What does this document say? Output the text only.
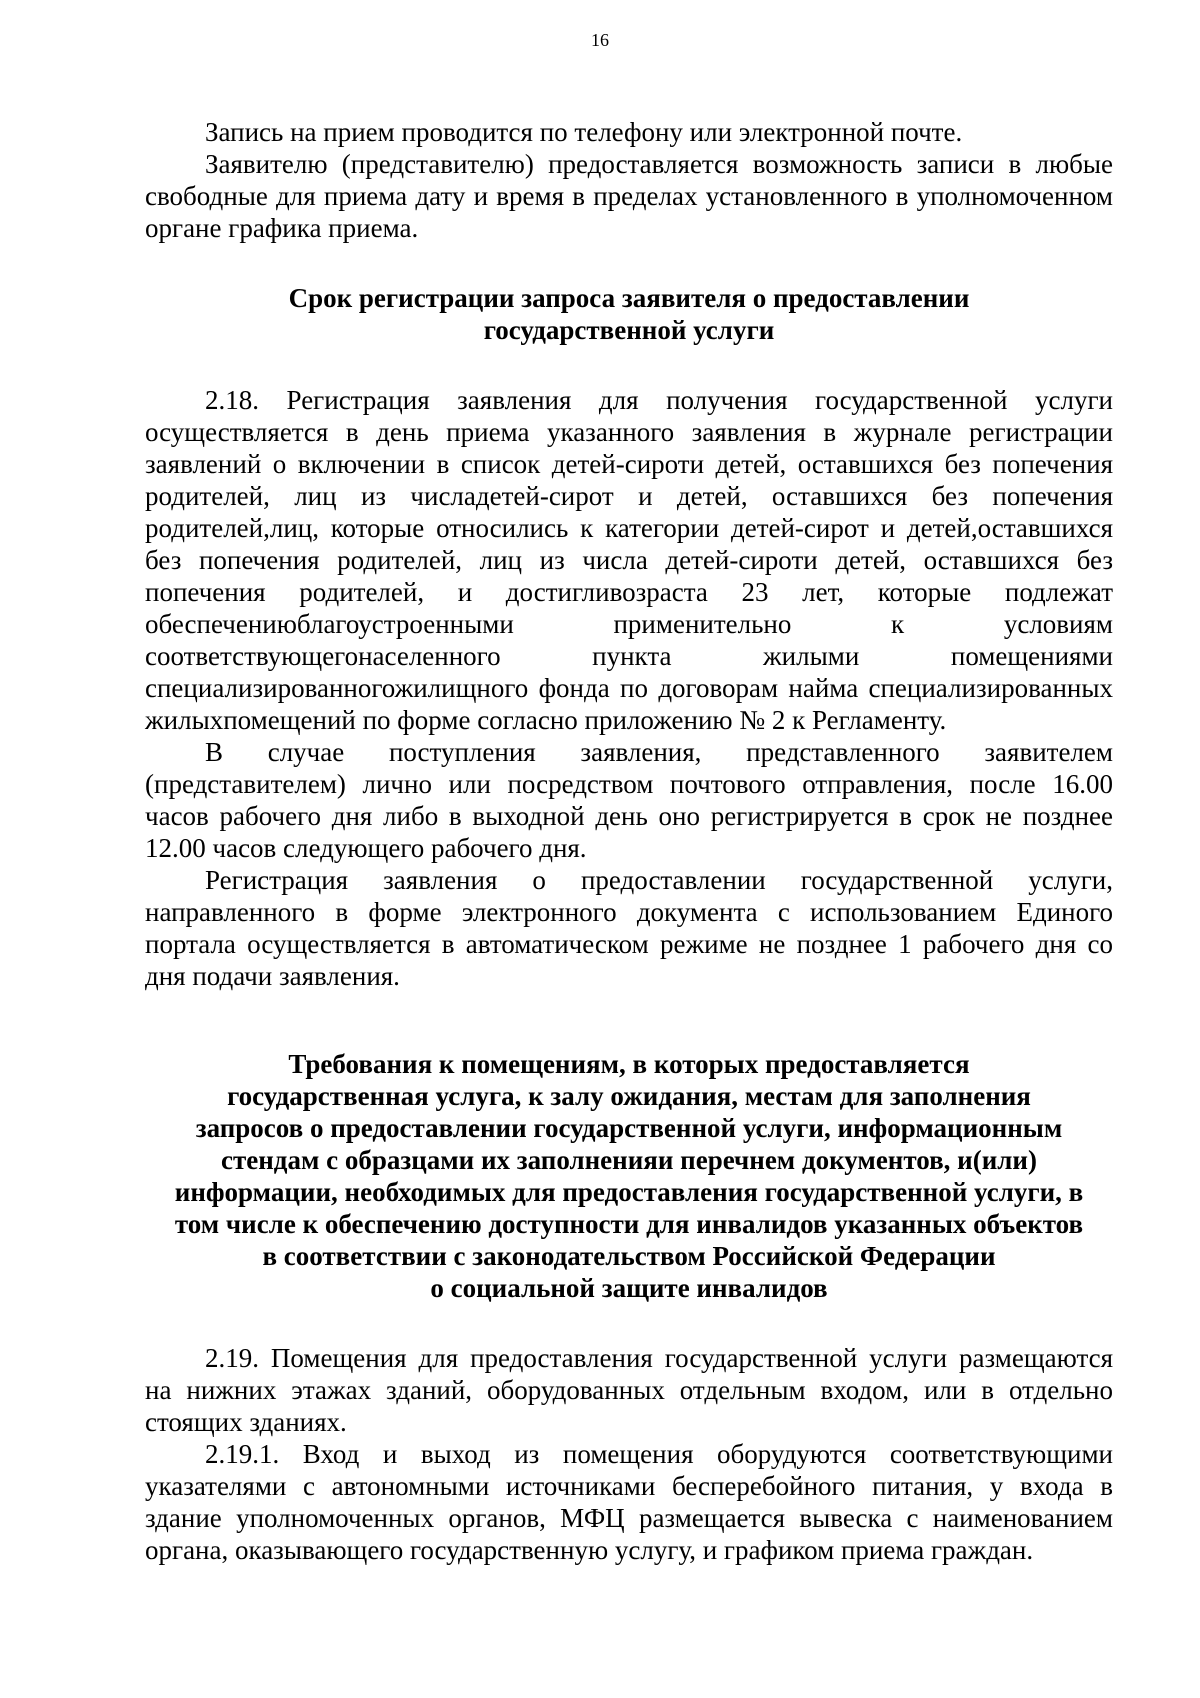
16

Запись на прием проводится по телефону или электронной почте.

Заявителю (представителю) предоставляется возможность записи в любые свободные для приема дату и время в пределах установленного в уполномоченном органе графика приема.

Срок регистрации запроса заявителя о предоставлении
государственной услуги

2.18. Регистрация заявления для получения государственной услуги осуществляется в день приема указанного заявления в журнале регистрации заявлений о включении в список детей-сироти детей, оставшихся без попечения родителей, лиц из числадетей-сирот и детей, оставшихся без попечения родителей,лиц, которые относились к категории детей-сирот и детей,оставшихся без попечения родителей, лиц из числа детей-сироти детей, оставшихся без попечения родителей, и достигливозраста 23 лет, которые подлежат обеспечениюблагоустроенными применительно к условиям соответствующегонаселенного пункта жилыми помещениями специализированногожилищного фонда по договорам найма специализированных жилыхпомещений по форме согласно приложению № 2 к Регламенту.

В случае поступления заявления, представленного заявителем (представителем) лично или посредством почтового отправления, после 16.00 часов рабочего дня либо в выходной день оно регистрируется в срок не позднее 12.00 часов следующего рабочего дня.

Регистрация заявления о предоставлении государственной услуги, направленного в форме электронного документа с использованием Единого портала осуществляется в автоматическом режиме не позднее 1 рабочего дня со дня подачи заявления.

Требования к помещениям, в которых предоставляется
государственная услуга, к залу ожидания, местам для заполнения
запросов о предоставлении государственной услуги, информационным
стендам с образцами их заполненияи перечнем документов, и(или)
информации, необходимых для предоставления государственной услуги, в
том числе к обеспечению доступности для инвалидов указанных объектов
в соответствии с законодательством Российской Федерации
о социальной защите инвалидов

2.19. Помещения для предоставления государственной услуги размещаются на нижних этажах зданий, оборудованных отдельным входом, или в отдельно стоящих зданиях.

2.19.1. Вход и выход из помещения оборудуются соответствующими указателями с автономными источниками бесперебойного питания, у входа в здание уполномоченных органов, МФЦ размещается вывеска с наименованием органа, оказывающего государственную услугу, и графиком приема граждан.
